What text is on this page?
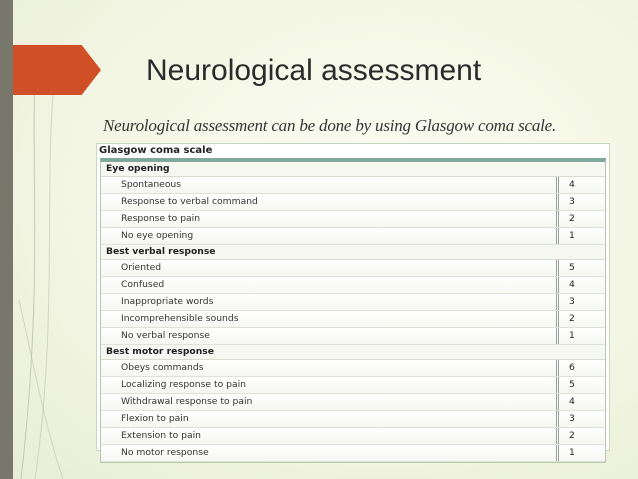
Neurological assessment

Neurological assessment can be done by using Glasgow coma scale.

Glasgow coma scale
Eye opening
Spontaneous	4
Response to verbal command	3
Response to pain	2
No eye opening	1
Best verbal response
Oriented	5
Confused	4
Inappropriate words	3
Incomprehensible sounds	2
No verbal response	1
Best motor response
Obeys commands	6
Localizing response to pain	5
Withdrawal response to pain	4
Flexion to pain	3
Extension to pain	2
No motor response	1
